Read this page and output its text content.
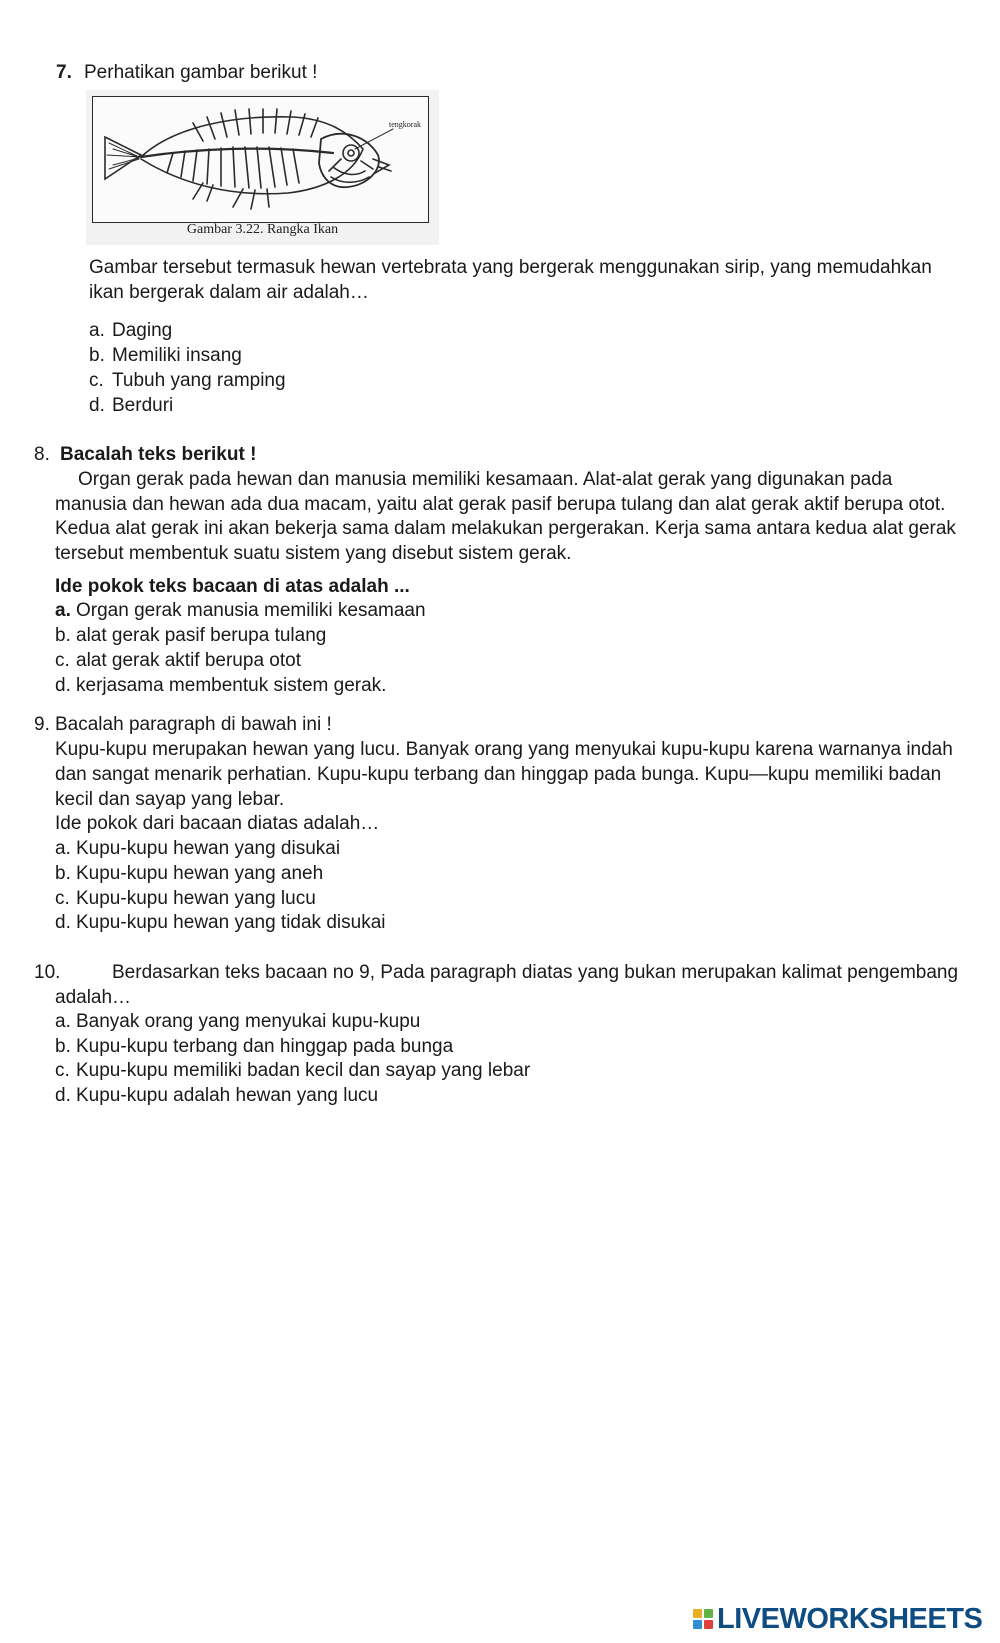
7. Perhatikan gambar berikut !
tengkorak
Gambar 3.22. Rangka Ikan
Gambar tersebut termasuk hewan vertebrata yang bergerak menggunakan sirip, yang memudahkan
ikan bergerak dalam air adalah…
a. Daging
b. Memiliki insang
c. Tubuh yang ramping
d. Berduri
8. Bacalah teks berikut !
Organ gerak pada hewan dan manusia memiliki kesamaan. Alat-alat gerak yang digunakan pada
manusia dan hewan ada dua macam, yaitu alat gerak pasif berupa tulang dan alat gerak aktif berupa otot.
Kedua alat gerak ini akan bekerja sama dalam melakukan pergerakan. Kerja sama antara kedua alat gerak
tersebut membentuk suatu sistem yang disebut sistem gerak.
Ide pokok teks bacaan di atas adalah ...
a. Organ gerak manusia memiliki kesamaan
b. alat gerak pasif berupa tulang
c. alat gerak aktif berupa otot
d. kerjasama membentuk sistem gerak.
9. Bacalah paragraph di bawah ini !
Kupu-kupu merupakan hewan yang lucu. Banyak orang yang menyukai kupu-kupu karena warnanya indah
dan sangat menarik perhatian. Kupu-kupu terbang dan hinggap pada bunga. Kupu—kupu memiliki badan
kecil dan sayap yang lebar.
Ide pokok dari bacaan diatas adalah…
a. Kupu-kupu hewan yang disukai
b. Kupu-kupu hewan yang aneh
c. Kupu-kupu hewan yang lucu
d. Kupu-kupu hewan yang tidak disukai
10.	Berdasarkan teks bacaan no 9, Pada paragraph diatas yang bukan merupakan kalimat pengembang
adalah…
a. Banyak orang yang menyukai kupu-kupu
b. Kupu-kupu terbang dan hinggap pada bunga
c. Kupu-kupu memiliki badan kecil dan sayap yang lebar
d. Kupu-kupu adalah hewan yang lucu
LIVEWORKSHEETS
